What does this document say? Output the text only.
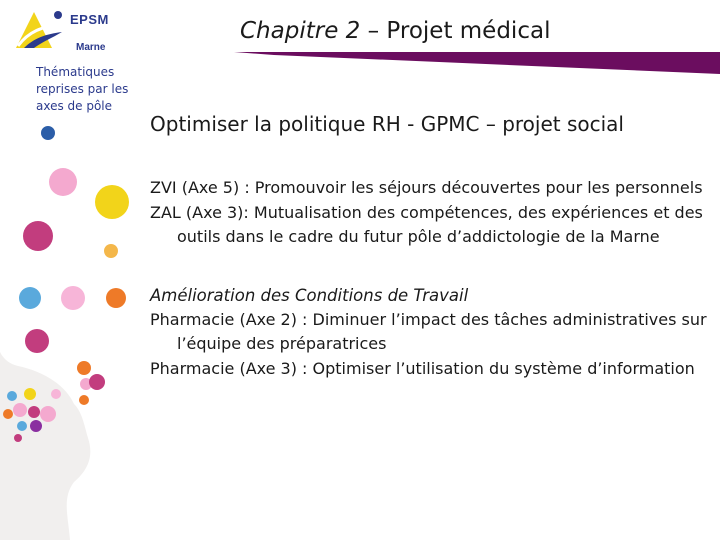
EPSM
Marne
Chapitre 2 – Projet médical
Thématiques reprises par les axes de pôle

Optimiser la politique RH - GPMC – projet social

ZVI (Axe 5) : Promouvoir les séjours découvertes pour les personnels

ZAL (Axe 3): Mutualisation des compétences, des expériences et des outils dans le cadre du futur pôle d’addictologie de la Marne

Amélioration des Conditions de Travail

Pharmacie (Axe 2) : Diminuer l’impact des tâches administratives sur l’équipe des préparatrices

Pharmacie (Axe 3) : Optimiser l’utilisation du système d’information
